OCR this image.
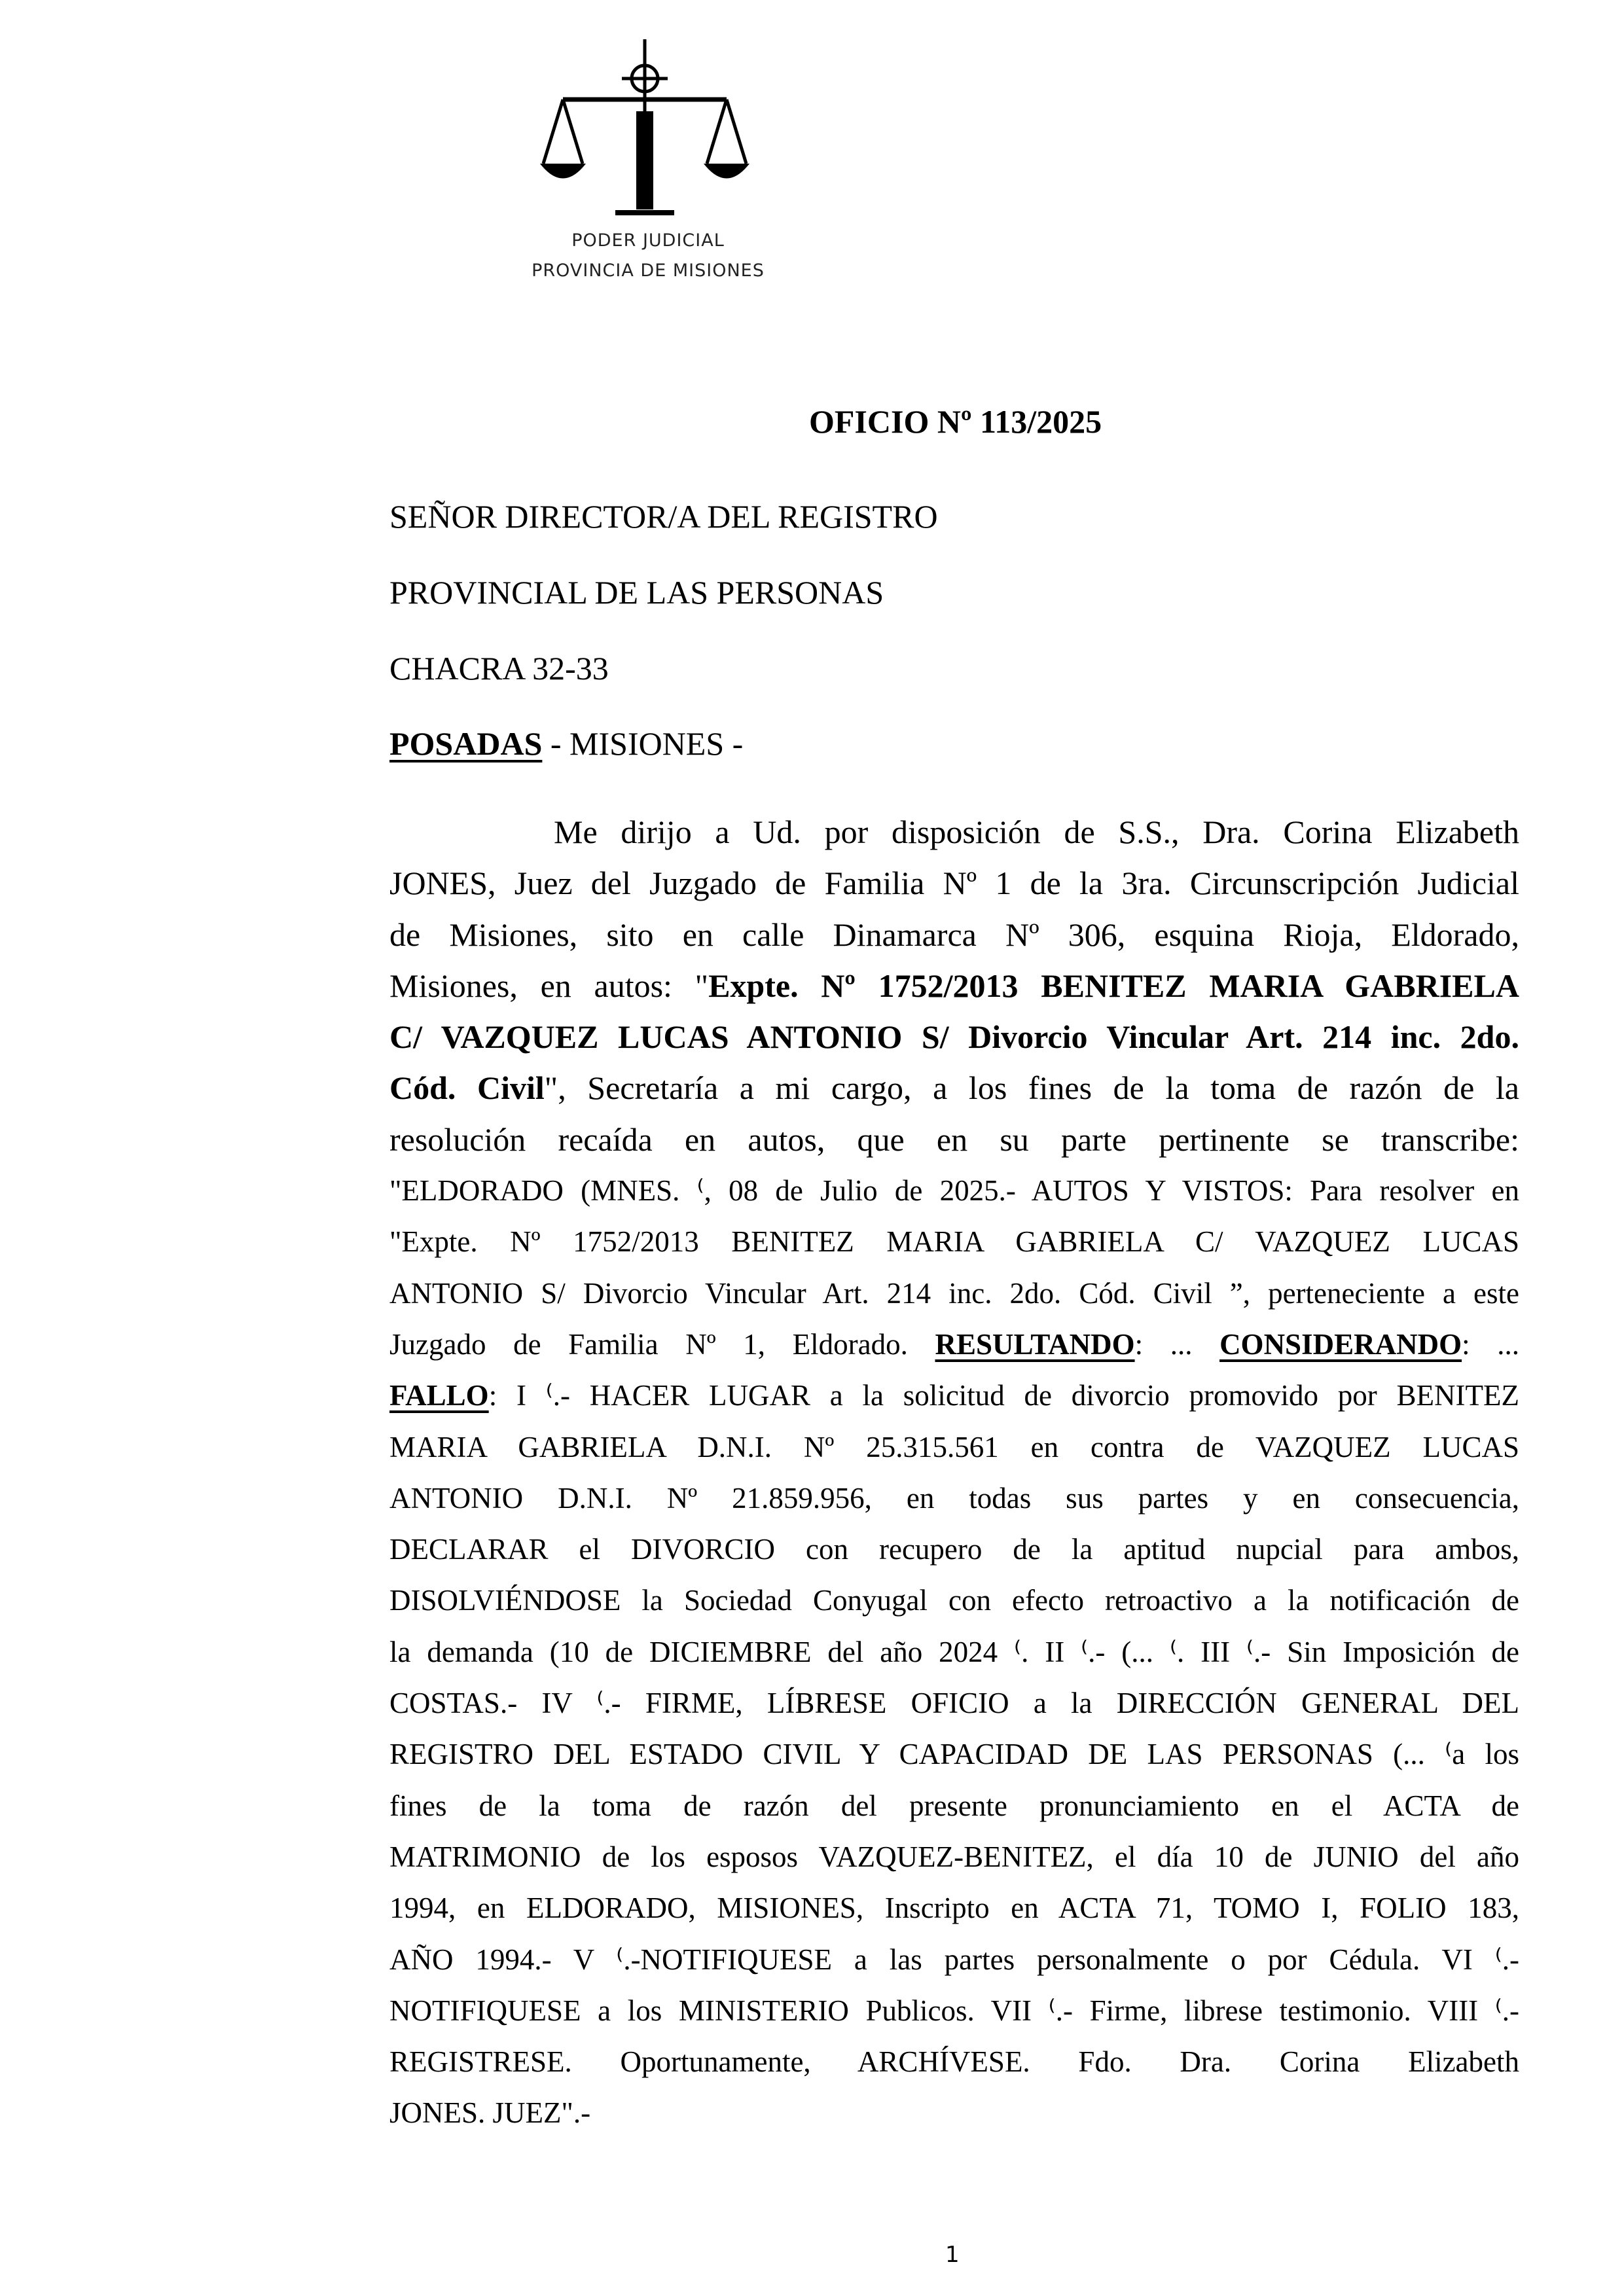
PODER JUDICIAL
PROVINCIA DE MISIONES
OFICIO Nº 113/2025
SEÑOR DIRECTOR/A DEL REGISTRO
PROVINCIAL DE LAS PERSONAS
CHACRA 32-33
POSADAS - MISIONES -
Me dirijo a Ud. por disposición de S.S., Dra. Corina Elizabeth
JONES, Juez del Juzgado de Familia Nº 1 de la 3ra. Circunscripción Judicial
de Misiones, sito en calle Dinamarca Nº 306, esquina Rioja, Eldorado,
Misiones, en autos: "Expte. Nº 1752/2013 BENITEZ MARIA GABRIELA
C/ VAZQUEZ LUCAS ANTONIO S/ Divorcio Vincular Art. 214 inc. 2do.
Cód. Civil", Secretaría a mi cargo, a los fines de la toma de razón de la
resolución recaída en autos, que en su parte pertinente se transcribe:
"ELDORADO (MNES. ⁽, 08 de Julio de 2025.- AUTOS Y VISTOS: Para resolver en
"Expte. Nº 1752/2013 BENITEZ MARIA GABRIELA C/ VAZQUEZ LUCAS
ANTONIO S/ Divorcio Vincular Art. 214 inc. 2do. Cód. Civil ”, perteneciente a este
Juzgado de Familia Nº 1, Eldorado. RESULTANDO: ... CONSIDERANDO: ...
FALLO: I ⁽.- HACER LUGAR a la solicitud de divorcio promovido por BENITEZ
MARIA GABRIELA D.N.I. Nº 25.315.561 en contra de VAZQUEZ LUCAS
ANTONIO D.N.I. Nº 21.859.956, en todas sus partes y en consecuencia,
DECLARAR el DIVORCIO con recupero de la aptitud nupcial para ambos,
DISOLVIÉNDOSE la Sociedad Conyugal con efecto retroactivo a la notificación de
la demanda (10 de DICIEMBRE del año 2024 ⁽. II ⁽.- (... ⁽. III ⁽.- Sin Imposición de
COSTAS.- IV ⁽.- FIRME, LÍBRESE OFICIO a la DIRECCIÓN GENERAL DEL
REGISTRO DEL ESTADO CIVIL Y CAPACIDAD DE LAS PERSONAS (... ⁽a los
fines de la toma de razón del presente pronunciamiento en el ACTA de
MATRIMONIO de los esposos VAZQUEZ-BENITEZ, el día 10 de JUNIO del año
1994, en ELDORADO, MISIONES, Inscripto en ACTA 71, TOMO I, FOLIO 183,
AÑO 1994.- V ⁽.-NOTIFIQUESE a las partes personalmente o por Cédula. VI ⁽.-
NOTIFIQUESE a los MINISTERIO Publicos. VII ⁽.- Firme, librese testimonio. VIII ⁽.-
REGISTRESE. Oportunamente, ARCHÍVESE. Fdo. Dra. Corina Elizabeth
JONES. JUEZ".-
1
